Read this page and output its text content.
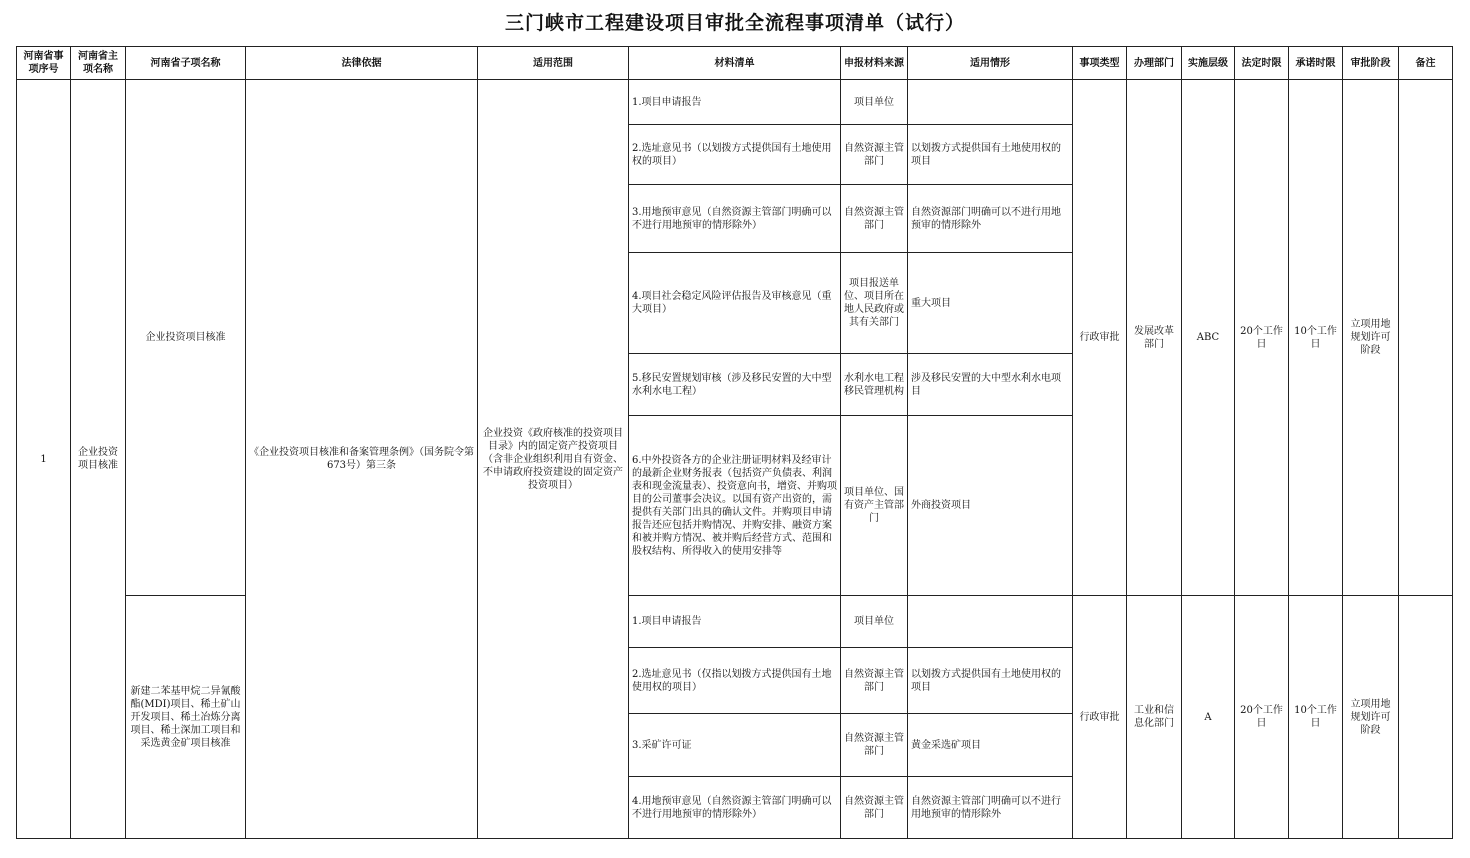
三门峡市工程建设项目审批全流程事项清单（试行）
河南省事项序号	河南省主项名称	河南省子项名称	法律依据	适用范围	材料清单	申报材料来源	适用情形	事项类型	办理部门	实施层级	法定时限	承诺时限	审批阶段	备注
1	企业投资项目核准	企业投资项目核准	《企业投资项目核准和备案管理条例》（国务院令第673号）第三条	企业投资《政府核准的投资项目目录》内的固定资产投资项目（含非企业组织利用自有资金、不申请政府投资建设的固定资产投资项目）	1.项目申请报告	项目单位		行政审批	发展改革部门	ABC	20个工作日	10个工作日	立项用地规划许可阶段	
					2.选址意见书（以划拨方式提供国有土地使用权的项目）	自然资源主管部门	以划拨方式提供国有土地使用权的项目							
					3.用地预审意见（自然资源主管部门明确可以不进行用地预审的情形除外）	自然资源主管部门	自然资源部门明确可以不进行用地预审的情形除外							
					4.项目社会稳定风险评估报告及审核意见（重大项目）	项目报送单位、项目所在地人民政府或其有关部门	重大项目							
					5.移民安置规划审核（涉及移民安置的大中型水利水电工程）	水利水电工程移民管理机构	涉及移民安置的大中型水利水电项目							
					6.中外投资各方的企业注册证明材料及经审计的最新企业财务报表（包括资产负债表、利润表和现金流量表）、投资意向书，增资、并购项目的公司董事会决议。以国有资产出资的，需提供有关部门出具的确认文件。并购项目申请报告还应包括并购情况、并购安排、融资方案和被并购方情况、被并购后经营方式、范围和股权结构、所得收入的使用安排等	项目单位、国有资产主管部门	外商投资项目							
		新建二苯基甲烷二异氰酸酯(MDI)项目、稀土矿山开发项目、稀土冶炼分离项目、稀土深加工项目和采选黄金矿项目核准			1.项目申请报告	项目单位		行政审批	工业和信息化部门	A	20个工作日	10个工作日	立项用地规划许可阶段	
					2.选址意见书（仅指以划拨方式提供国有土地使用权的项目）	自然资源主管部门	以划拨方式提供国有土地使用权的项目							
					3.采矿许可证	自然资源主管部门	黄金采选矿项目							
					4.用地预审意见（自然资源主管部门明确可以不进行用地预审的情形除外）	自然资源主管部门	自然资源主管部门明确可以不进行用地预审的情形除外							
